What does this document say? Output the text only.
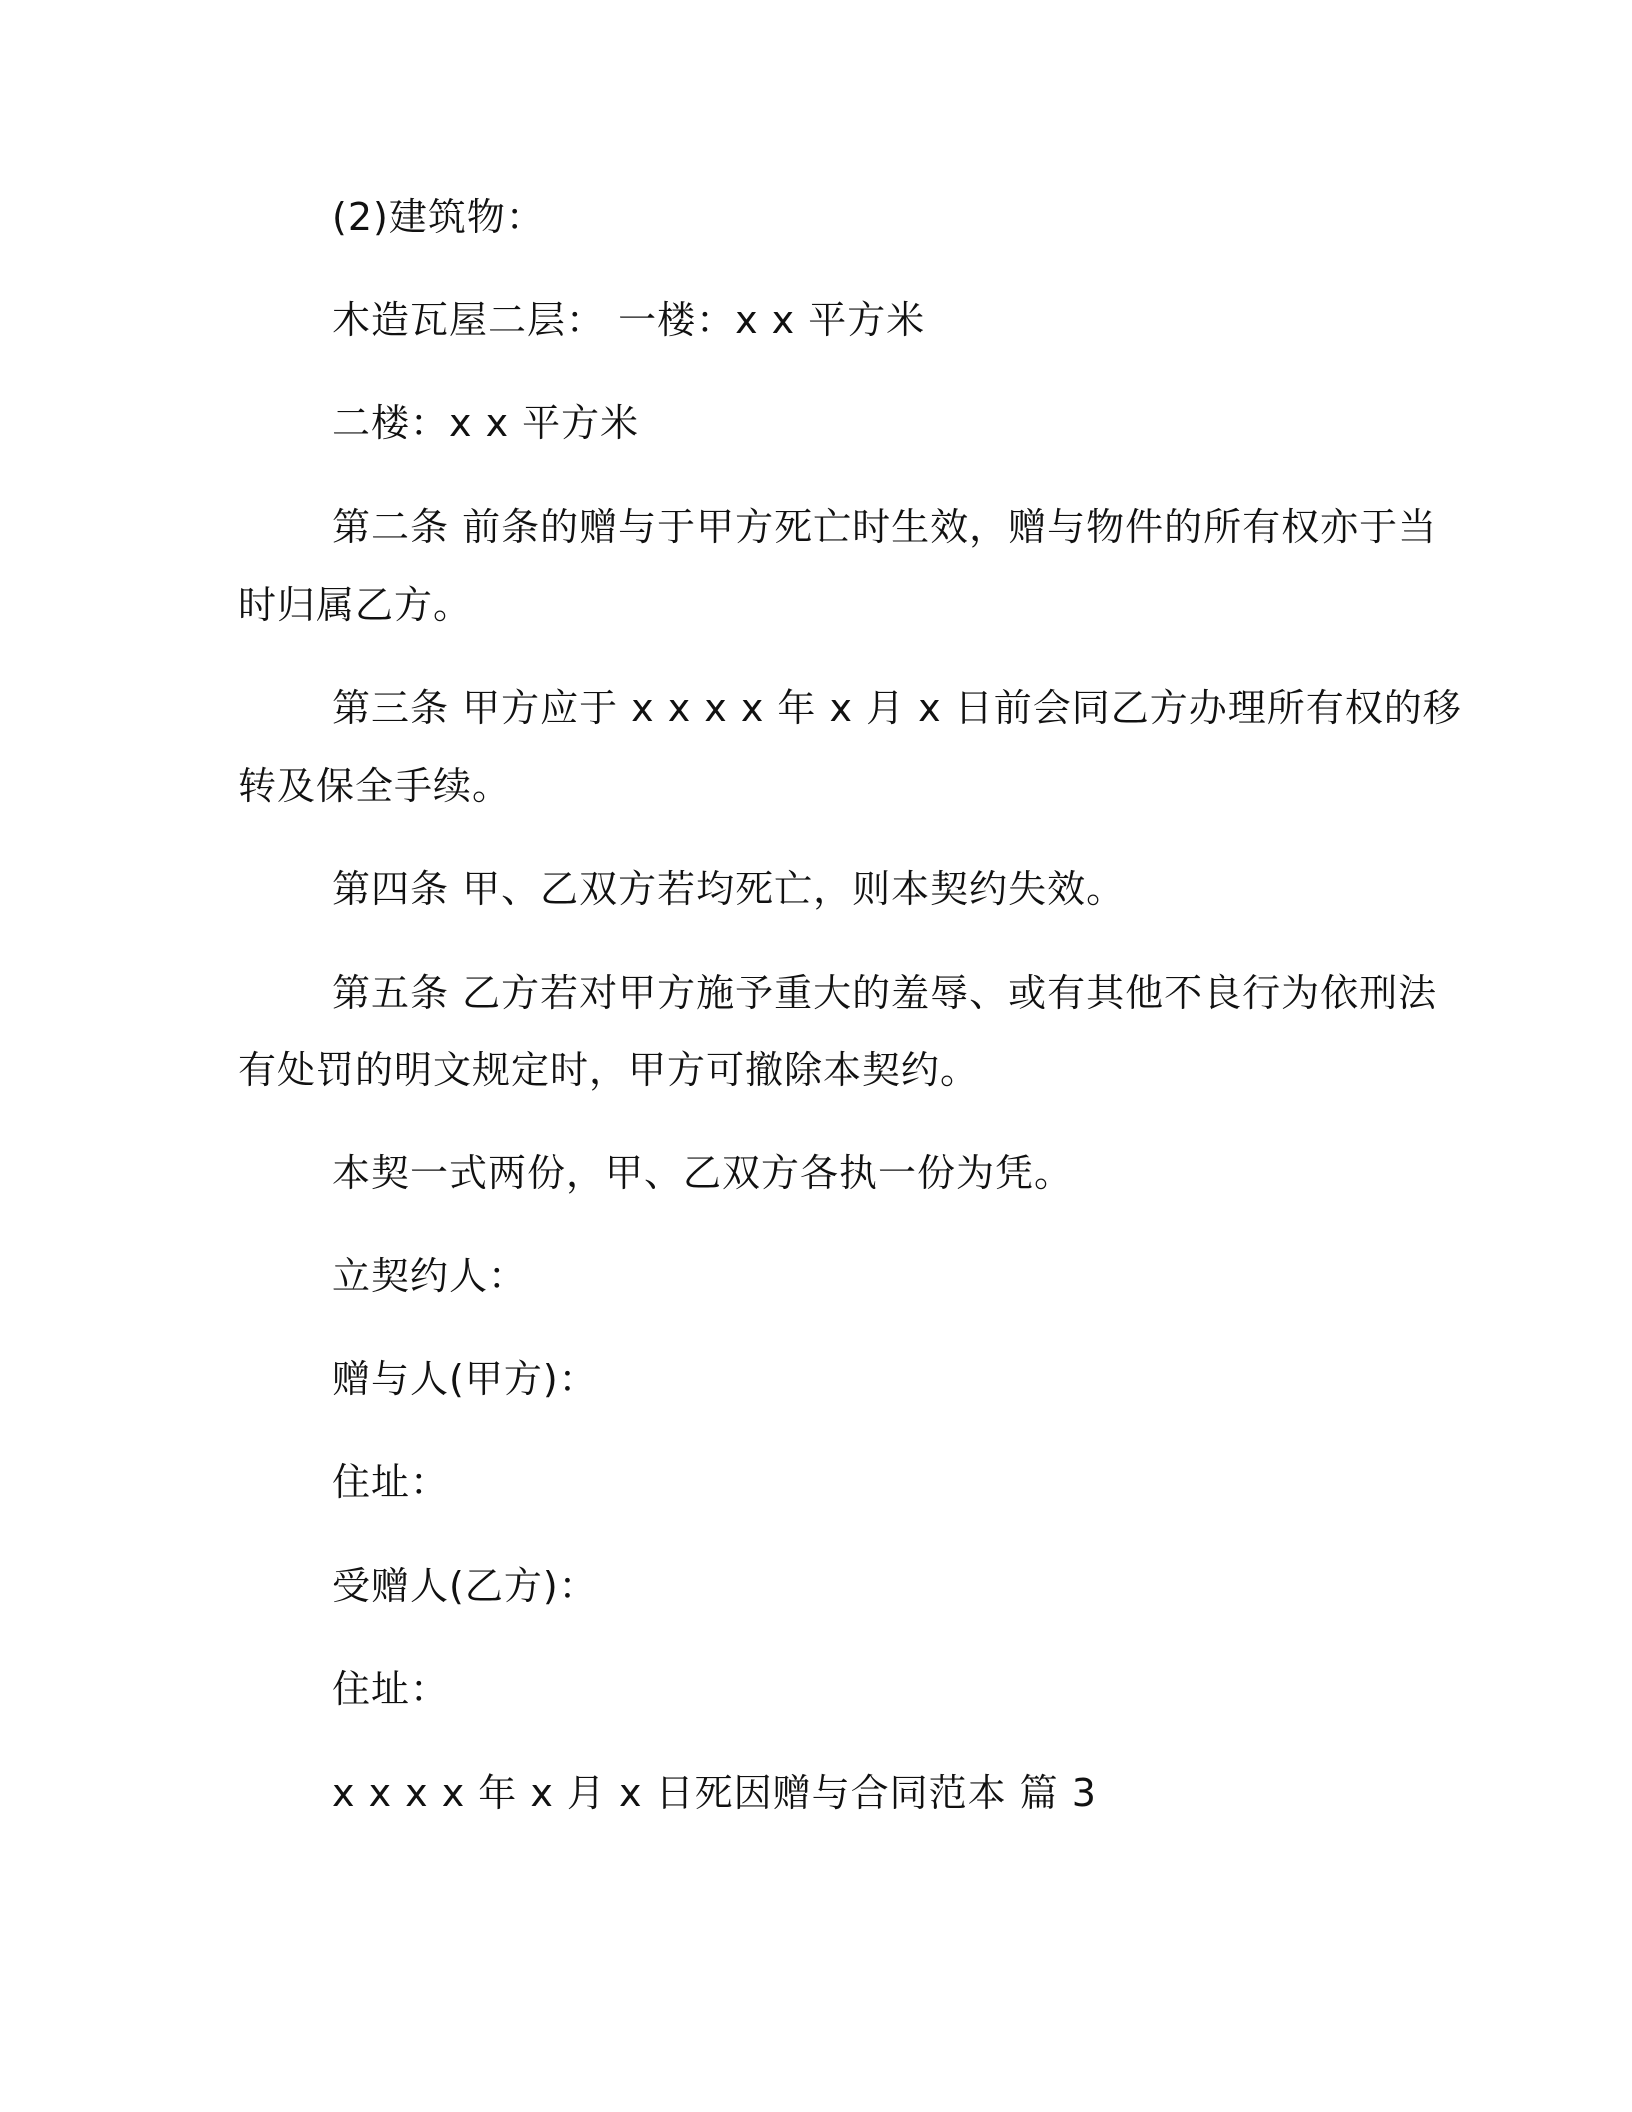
(2)建筑物：
木造瓦屋二层： 一楼：x x 平方米
二楼：x x 平方米
第二条 前条的赠与于甲方死亡时生效，赠与物件的所有权亦于当
时归属乙方。
第三条 甲方应于 x x x x 年 x 月 x 日前会同乙方办理所有权的移
转及保全手续。
第四条 甲、乙双方若均死亡，则本契约失效。
第五条 乙方若对甲方施予重大的羞辱、或有其他不良行为依刑法
有处罚的明文规定时，甲方可撤除本契约。
本契一式两份，甲、乙双方各执一份为凭。
立契约人：
赠与人(甲方)：
住址：
受赠人(乙方)：
住址：
x x x x 年 x 月 x 日死因赠与合同范本 篇 3
